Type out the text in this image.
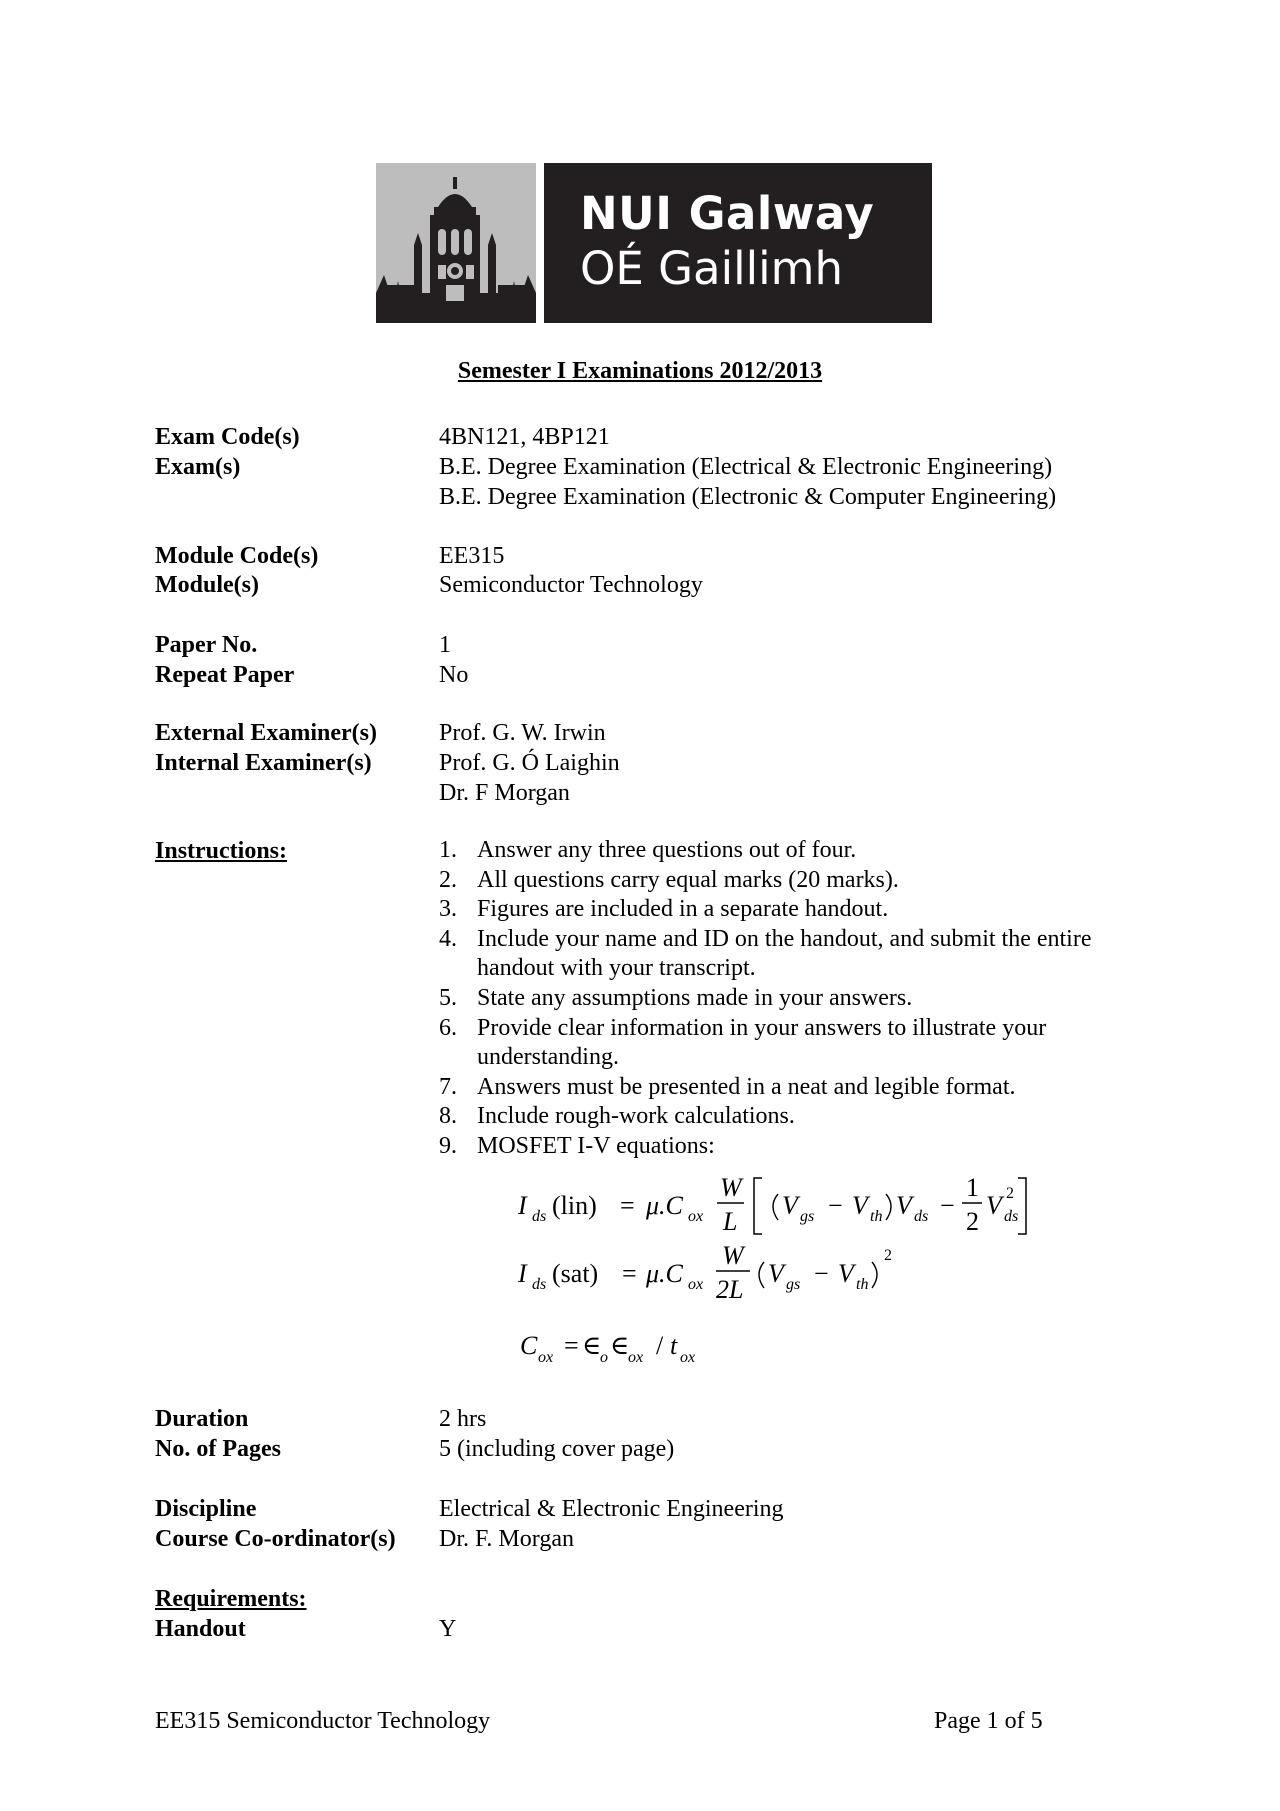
NUI Galway
OÉ Gaillimh
Semester I Examinations 2012/2013
Exam Code(s)	4BN121, 4BP121
Exam(s)	B.E. Degree Examination (Electrical & Electronic Engineering)
B.E. Degree Examination (Electronic & Computer Engineering)
Module Code(s)	EE315
Module(s)	Semiconductor Technology
Paper No.	1
Repeat Paper	No
External Examiner(s)	Prof. G. W. Irwin
Internal Examiner(s)	Prof. G. Ó Laighin
Dr. F Morgan
Instructions:	1. Answer any three questions out of four.
2. All questions carry equal marks (20 marks).
3. Figures are included in a separate handout.
4. Include your name and ID on the handout, and submit the entire handout with your transcript.
5. State any assumptions made in your answers.
6. Provide clear information in your answers to illustrate your understanding.
7. Answers must be presented in a neat and legible format.
8. Include rough-work calculations.
9. MOSFET I-V equations:
I ds (lin) = μ.C ox
W
L
V gs − V th V ds −
1
2
V ds
2
I ds (sat) = μ.C ox
W
2L
V gs − V th
2
C ox = ∈
o ∈
ox / t ox
Duration	2 hrs
No. of Pages	5 (including cover page)
Discipline	Electrical & Electronic Engineering
Course Co-ordinator(s)	Dr. F. Morgan
Requirements:
Handout	Y
EE315 Semiconductor Technology	Page 1 of 5
